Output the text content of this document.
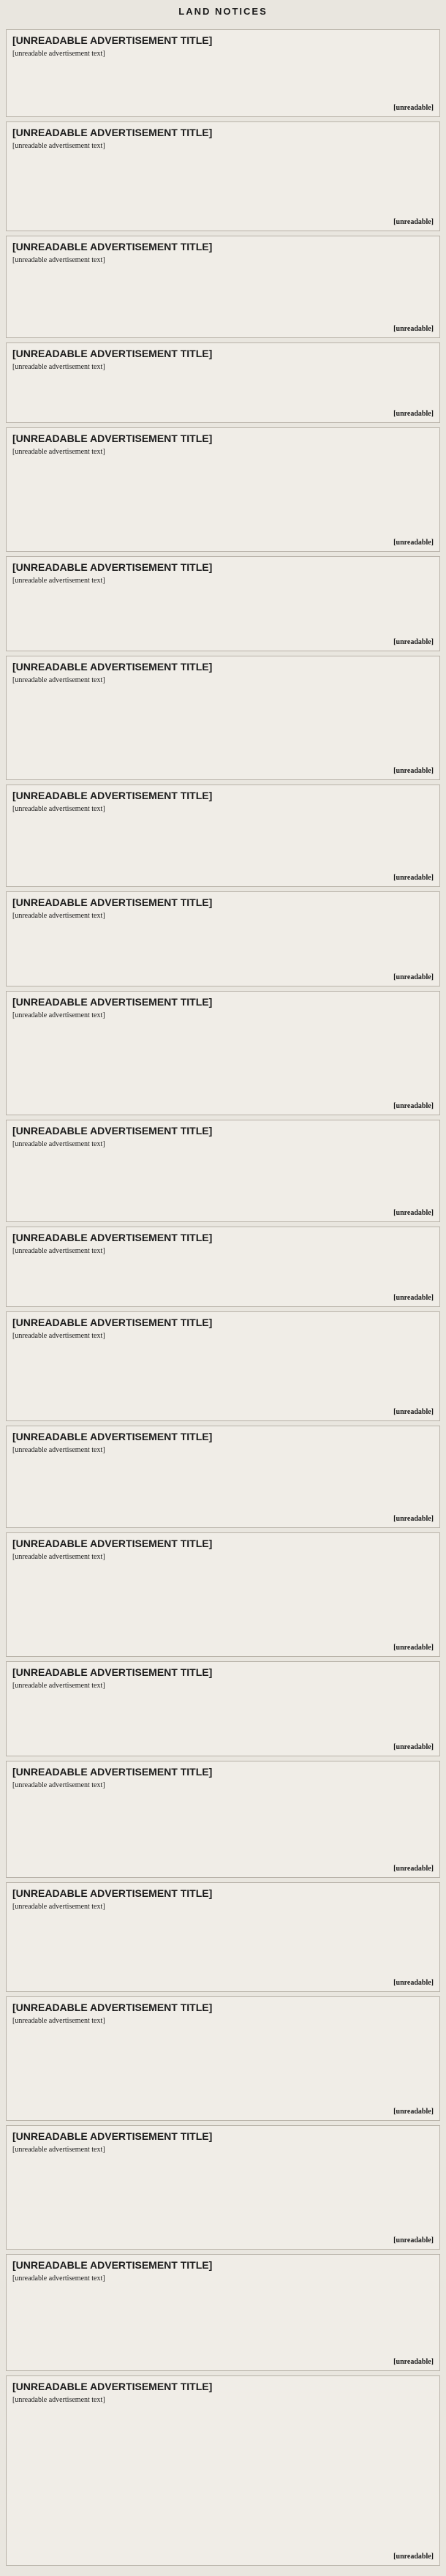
LAND NOTICES
[UNREADABLE ADVERTISEMENT TITLE]
[unreadable advertisement text]
[unreadable]
[UNREADABLE ADVERTISEMENT TITLE]
[unreadable advertisement text]
[unreadable]
[UNREADABLE ADVERTISEMENT TITLE]
[unreadable advertisement text]
[unreadable]
[UNREADABLE ADVERTISEMENT TITLE]
[unreadable advertisement text]
[unreadable]
[UNREADABLE ADVERTISEMENT TITLE]
[unreadable advertisement text]
[unreadable]
[UNREADABLE ADVERTISEMENT TITLE]
[unreadable advertisement text]
[unreadable]
[UNREADABLE ADVERTISEMENT TITLE]
[unreadable advertisement text]
[unreadable]
[UNREADABLE ADVERTISEMENT TITLE]
[unreadable advertisement text]
[unreadable]
[UNREADABLE ADVERTISEMENT TITLE]
[unreadable advertisement text]
[unreadable]
[UNREADABLE ADVERTISEMENT TITLE]
[unreadable advertisement text]
[unreadable]
[UNREADABLE ADVERTISEMENT TITLE]
[unreadable advertisement text]
[unreadable]
[UNREADABLE ADVERTISEMENT TITLE]
[unreadable advertisement text]
[unreadable]
[UNREADABLE ADVERTISEMENT TITLE]
[unreadable advertisement text]
[unreadable]
[UNREADABLE ADVERTISEMENT TITLE]
[unreadable advertisement text]
[unreadable]
[UNREADABLE ADVERTISEMENT TITLE]
[unreadable advertisement text]
[unreadable]
[UNREADABLE ADVERTISEMENT TITLE]
[unreadable advertisement text]
[unreadable]
[UNREADABLE ADVERTISEMENT TITLE]
[unreadable advertisement text]
[unreadable]
[UNREADABLE ADVERTISEMENT TITLE]
[unreadable advertisement text]
[unreadable]
[UNREADABLE ADVERTISEMENT TITLE]
[unreadable advertisement text]
[unreadable]
[UNREADABLE ADVERTISEMENT TITLE]
[unreadable advertisement text]
[unreadable]
[UNREADABLE ADVERTISEMENT TITLE]
[unreadable advertisement text]
[unreadable]
[UNREADABLE ADVERTISEMENT TITLE]
[unreadable advertisement text]
[unreadable]
